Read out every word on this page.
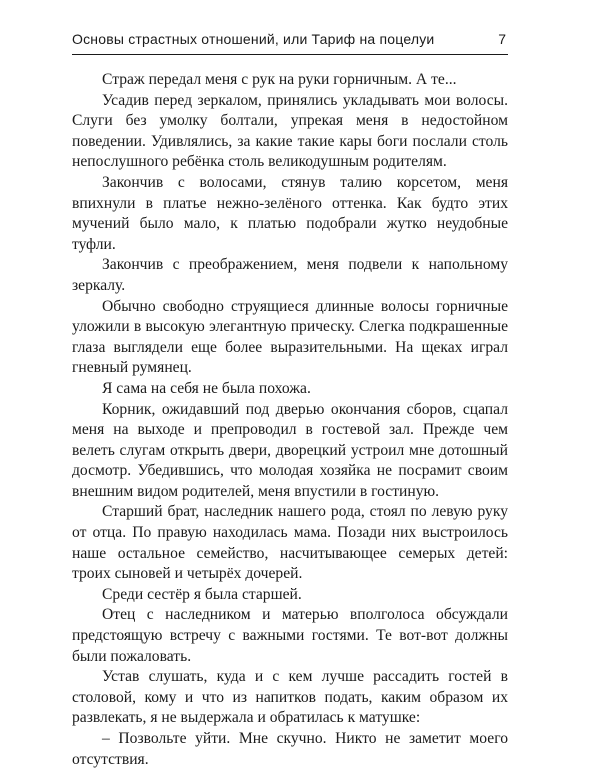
Основы страстных отношений, или Тариф на поцелуи	7

Страж передал меня с рук на руки горничным. А те...

Усадив перед зеркалом, принялись укладывать мои волосы. Слуги без умолку болтали, упрекая меня в недостойном поведении. Удивлялись, за какие такие кары боги послали столь непослушного ребёнка столь великодушным родителям.

Закончив с волосами, стянув талию корсетом, меня впихнули в платье нежно-зелёного оттенка. Как будто этих мучений было мало, к платью подобрали жутко неудобные туфли.

Закончив с преображением, меня подвели к напольному зеркалу.

Обычно свободно струящиеся длинные волосы горничные уложили в высокую элегантную прическу. Слегка подкрашенные глаза выглядели еще более выразительными. На щеках играл гневный румянец.

Я сама на себя не была похожа.

Корник, ожидавший под дверью окончания сборов, сцапал меня на выходе и препроводил в гостевой зал. Прежде чем велеть слугам открыть двери, дворецкий устроил мне дотошный досмотр. Убедившись, что молодая хозяйка не посрамит своим внешним видом родителей, меня впустили в гостиную.

Старший брат, наследник нашего рода, стоял по левую руку от отца. По правую находилась мама. Позади них выстроилось наше остальное семейство, насчитывающее семерых детей: троих сыновей и четырёх дочерей.

Среди сестёр я была старшей.

Отец с наследником и матерью вполголоса обсуждали предстоящую встречу с важными гостями. Те вот-вот должны были пожаловать.

Устав слушать, куда и с кем лучше рассадить гостей в столовой, кому и что из напитков подать, каким образом их развлекать, я не выдержала и обратилась к матушке:

– Позвольте уйти. Мне скучно. Никто не заметит моего отсутствия.
